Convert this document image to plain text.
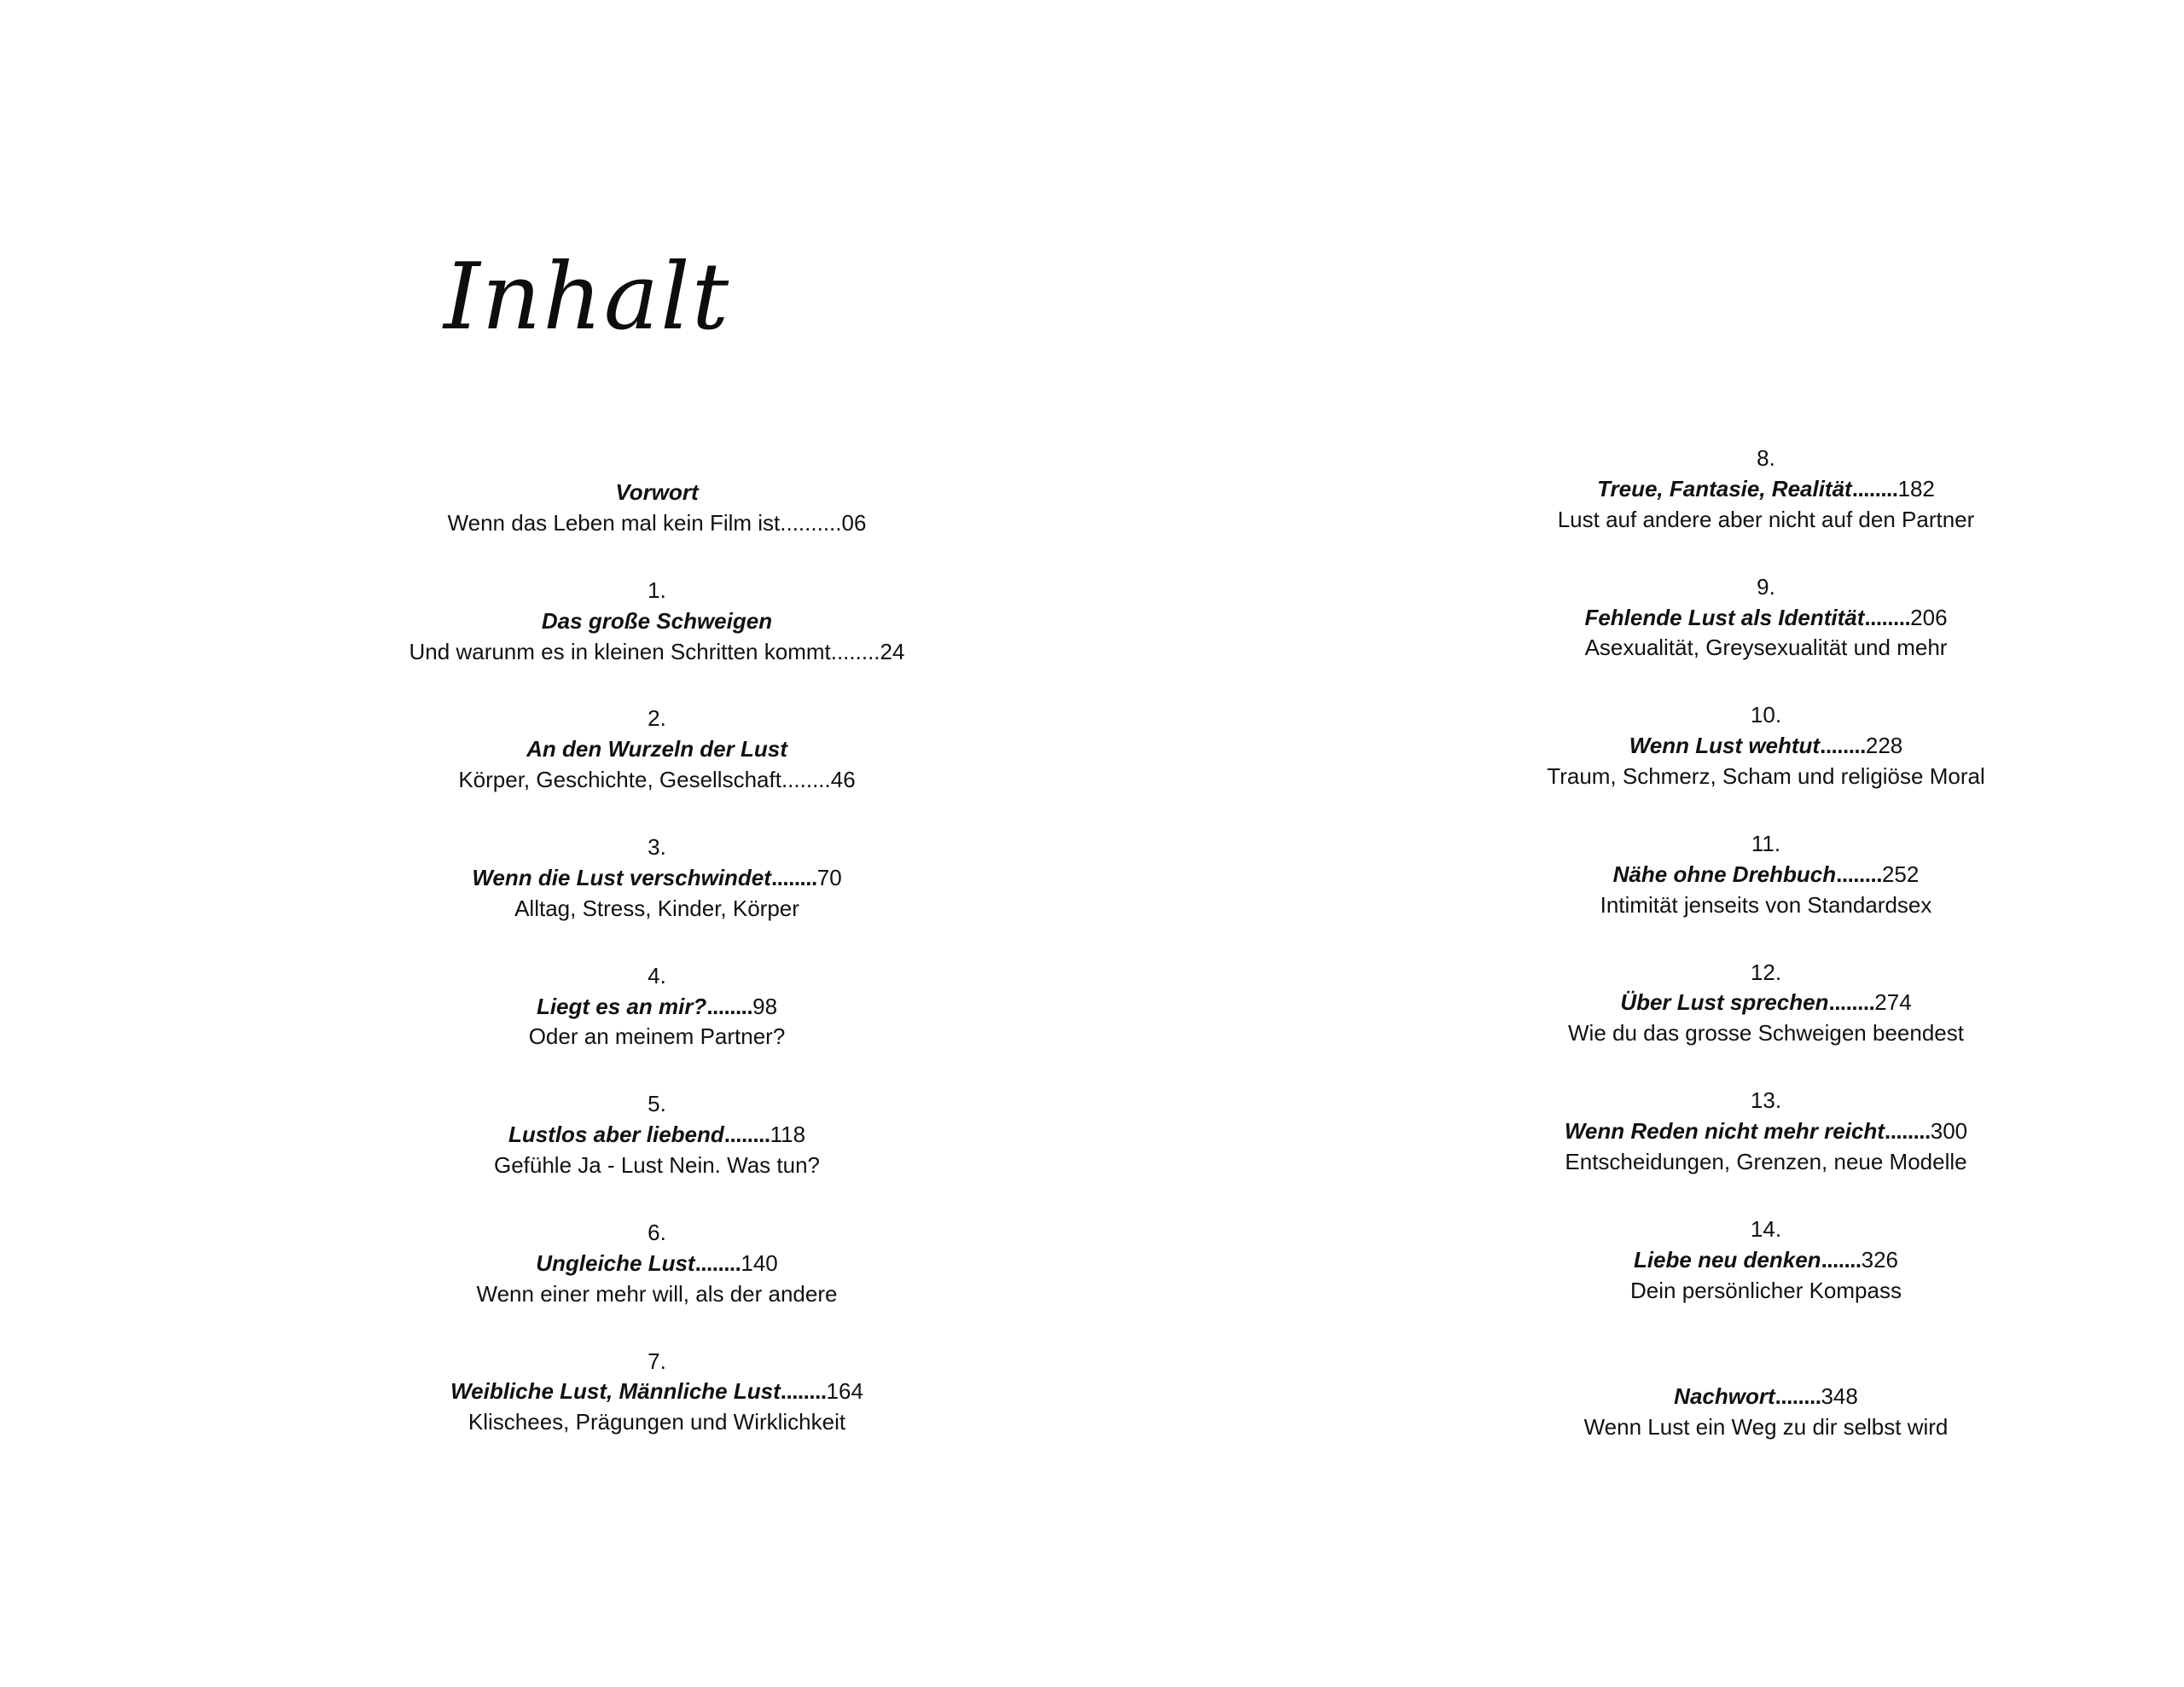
Inhalt
Vorwort
Wenn das Leben mal kein Film ist..........06
1.
Das große Schweigen
Und warunm es in kleinen Schritten kommt........24
2.
An den Wurzeln der Lust
Körper, Geschichte, Gesellschaft........46
3.
Wenn die Lust verschwindet........70
Alltag, Stress, Kinder, Körper
4.
Liegt es an mir?........98
Oder an meinem Partner?
5.
Lustlos aber liebend........118
Gefühle Ja - Lust Nein. Was tun?
6.
Ungleiche Lust........140
Wenn einer mehr will, als der andere
7.
Weibliche Lust, Männliche Lust........164
Klischees, Prägungen und Wirklichkeit
8.
Treue, Fantasie, Realität........182
Lust auf andere aber nicht auf den Partner
9.
Fehlende Lust als Identität........206
Asexualität, Greysexualität und mehr
10.
Wenn Lust wehtut........228
Traum, Schmerz, Scham und religiöse Moral
11.
Nähe ohne Drehbuch........252
Intimität jenseits von Standardsex
12.
Über Lust sprechen........274
Wie du das grosse Schweigen beendest
13.
Wenn Reden nicht mehr reicht........300
Entscheidungen, Grenzen, neue Modelle
14.
Liebe neu denken.......326
Dein persönlicher Kompass
Nachwort........348
Wenn Lust ein Weg zu dir selbst wird
